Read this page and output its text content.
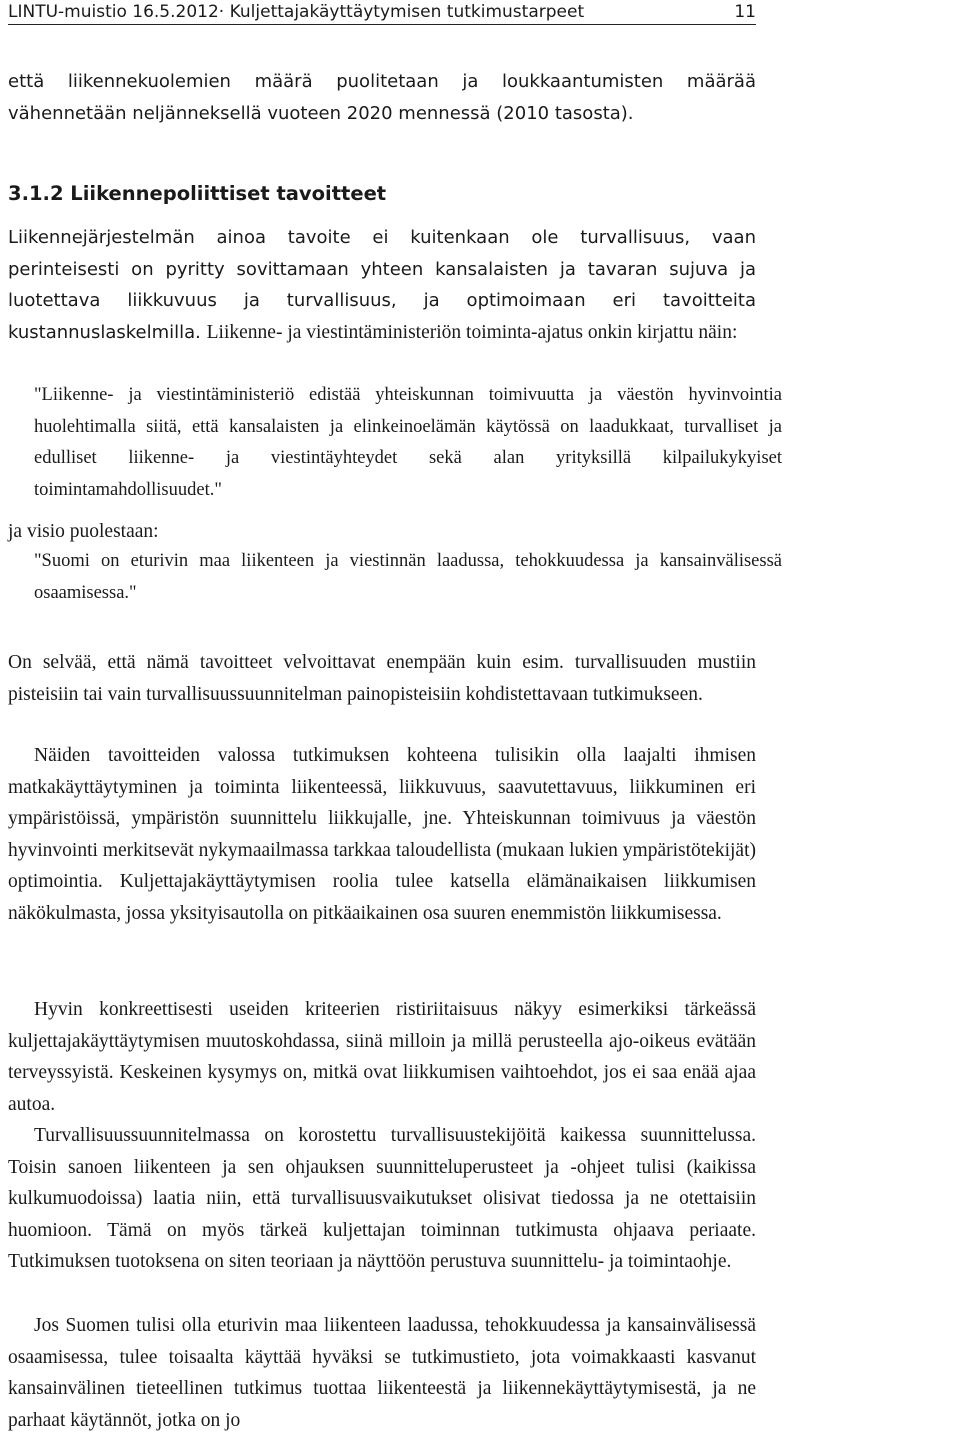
LINTU-muistio 16.5.2012· Kuljettajakäyttäytymisen tutkimustarpeet	11

että liikennekuolemien määrä puolitetaan ja loukkaantumisten määrää vähennetään neljänneksellä vuoteen 2020 mennessä (2010 tasosta).

3.1.2 Liikennepoliittiset tavoitteet

Liikennejärjestelmän ainoa tavoite ei kuitenkaan ole turvallisuus, vaan perinteisesti on pyritty sovittamaan yhteen kansalaisten ja tavaran sujuva ja luotettava liikkuvuus ja turvallisuus, ja optimoimaan eri tavoitteita kustannuslaskelmilla. Liikenne- ja viestintäministeriön toiminta-ajatus onkin kirjattu näin:

"Liikenne- ja viestintäministeriö edistää yhteiskunnan toimivuutta ja väestön hyvinvointia huolehtimalla siitä, että kansalaisten ja elinkeinoelämän käytössä on laadukkaat, turvalliset ja edulliset liikenne- ja viestintäyhteydet sekä alan yrityksillä kilpailukykyiset toimintamahdollisuudet."

ja visio puolestaan:

"Suomi on eturivin maa liikenteen ja viestinnän laadussa, tehokkuudessa ja kansainvälisessä osaamisessa."

On selvää, että nämä tavoitteet velvoittavat enempään kuin esim. turvallisuuden mustiin pisteisiin tai vain turvallisuussuunnitelman painopisteisiin kohdistettavaan tutkimukseen.

Näiden tavoitteiden valossa tutkimuksen kohteena tulisikin olla laajalti ihmisen matkakäyttäytyminen ja toiminta liikenteessä, liikkuvuus, saavutettavuus, liikkuminen eri ympäristöissä, ympäristön suunnittelu liikkujalle, jne. Yhteiskunnan toimivuus ja väestön hyvinvointi merkitsevät nykymaailmassa tarkkaa taloudellista (mukaan lukien ympäristötekijät) optimointia. Kuljettajakäyttäytymisen roolia tulee katsella elämänaikaisen liikkumisen näkökulmasta, jossa yksityisautolla on pitkäaikainen osa suuren enemmistön liikkumisessa.

Hyvin konkreettisesti useiden kriteerien ristiriitaisuus näkyy esimerkiksi tärkeässä kuljettajakäyttäytymisen muutoskohdassa, siinä milloin ja millä perusteella ajo-oikeus evätään terveyssyistä. Keskeinen kysymys on, mitkä ovat liikkumisen vaihtoehdot, jos ei saa enää ajaa autoa.

Turvallisuussuunnitelmassa on korostettu turvallisuustekijöitä kaikessa suunnittelussa. Toisin sanoen liikenteen ja sen ohjauksen suunnitteluperusteet ja -ohjeet tulisi (kaikissa kulkumuodoissa) laatia niin, että turvallisuusvaikutukset olisivat tiedossa ja ne otettaisiin huomioon. Tämä on myös tärkeä kuljettajan toiminnan tutkimusta ohjaava periaate. Tutkimuksen tuotoksena on siten teoriaan ja näyttöön perustuva suunnittelu- ja toimintaohje.

Jos Suomen tulisi olla eturivin maa liikenteen laadussa, tehokkuudessa ja kansainvälisessä osaamisessa, tulee toisaalta käyttää hyväksi se tutkimustieto, jota voimakkaasti kasvanut kansainvälinen tieteellinen tutkimus tuottaa liikenteestä ja liikennekäyttäytymisestä, ja ne parhaat käytännöt, jotka on jo
